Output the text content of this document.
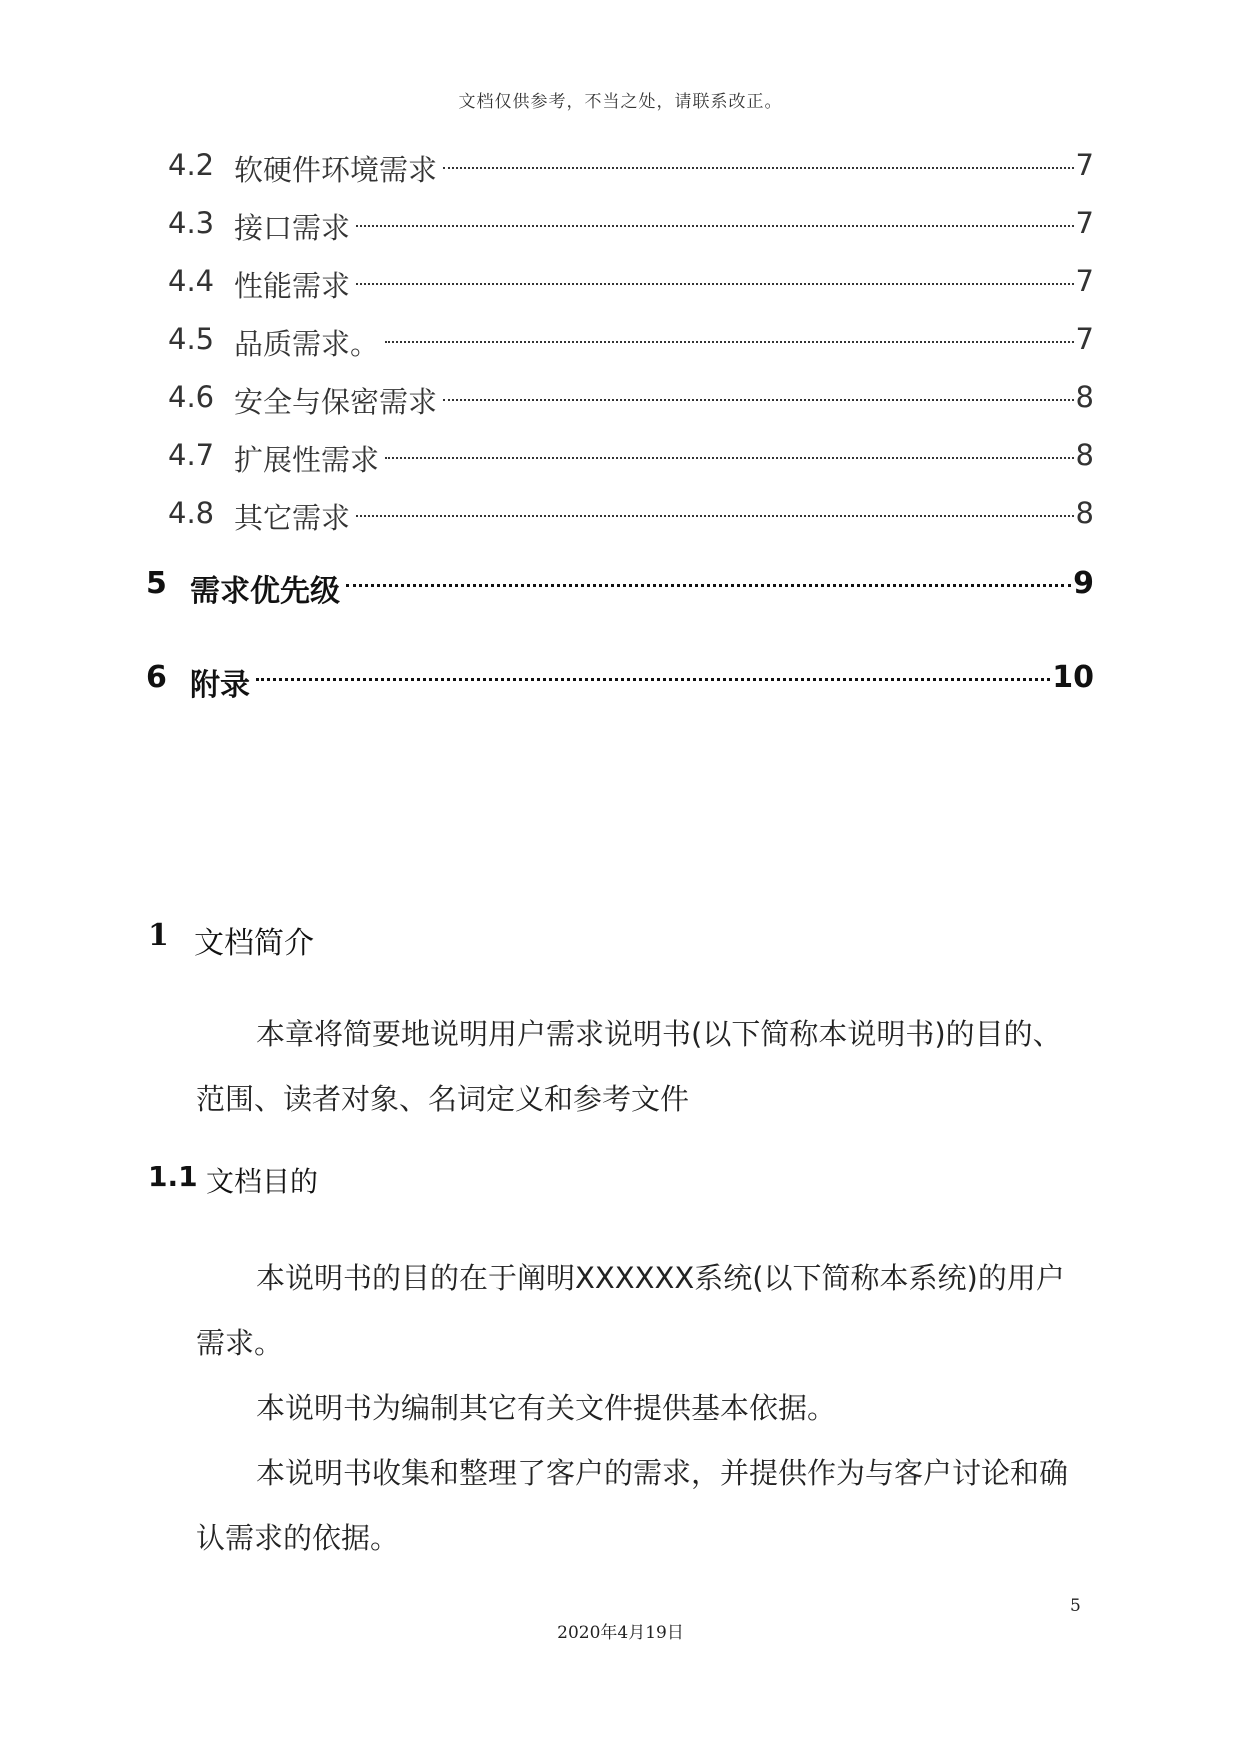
文档仅供参考，不当之处，请联系改正。
4.2 软硬件环境需求	7
4.3 接口需求	7
4.4 性能需求	7
4.5 品质需求。	7
4.6 安全与保密需求	8
4.7 扩展性需求	8
4.8 其它需求	8
5 需求优先级	9
6 附录	10
1 文档简介

本章将简要地说明用户需求说明书(以下简称本说明书)的目的、范围、读者对象、名词定义和参考文件

1.1 文档目的

本说明书的目的在于阐明XXXXXX系统(以下简称本系统)的用户需求。

本说明书为编制其它有关文件提供基本依据。

本说明书收集和整理了客户的需求，并提供作为与客户讨论和确认需求的依据。

5
2020年4月19日
